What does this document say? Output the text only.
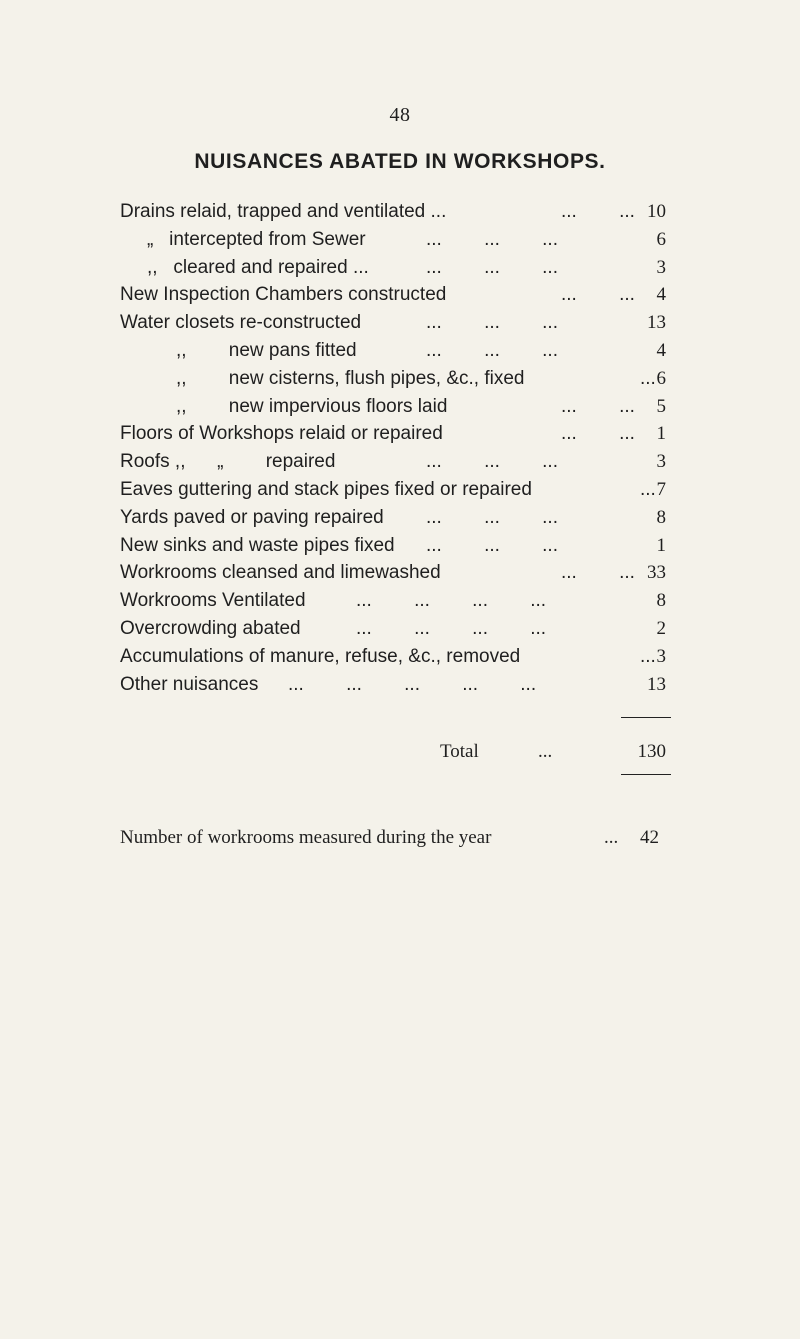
48
NUISANCES ABATED IN WORKSHOPS.
Drains relaid, trapped and ventilated ...	...        ... 10
„   intercepted from Sewer	...        ...        ...	6
,,   cleared and repaired ...	...        ...        ...	3
New Inspection Chambers constructed	...        ...	4
Water closets re-constructed	...        ...        ...	13
,,        new pans fitted	...        ...        ...	4
,,        new cisterns, flush pipes, &c., fixed	... 6
,,        new impervious floors laid	...        ...	5
Floors of Workshops relaid or repaired	...        ...	1
Roofs ,,      „        repaired	...        ...        ...	3
Eaves guttering and stack pipes fixed or repaired	... 7
Yards paved or paving repaired ...        ...        ...	8
New sinks and waste pipes fixed ...        ...        ...	1
Workrooms cleansed and limewashed	...        ... 33
Workrooms Ventilated	...        ...        ...        ...	8
Overcrowding abated	...        ...        ...        ...	2
Accumulations of manure, refuse, &c., removed	... 3
Other nuisances ...        ...        ...        ...        ...	13
Total	...	130
Number of workrooms measured during the year	... 42
